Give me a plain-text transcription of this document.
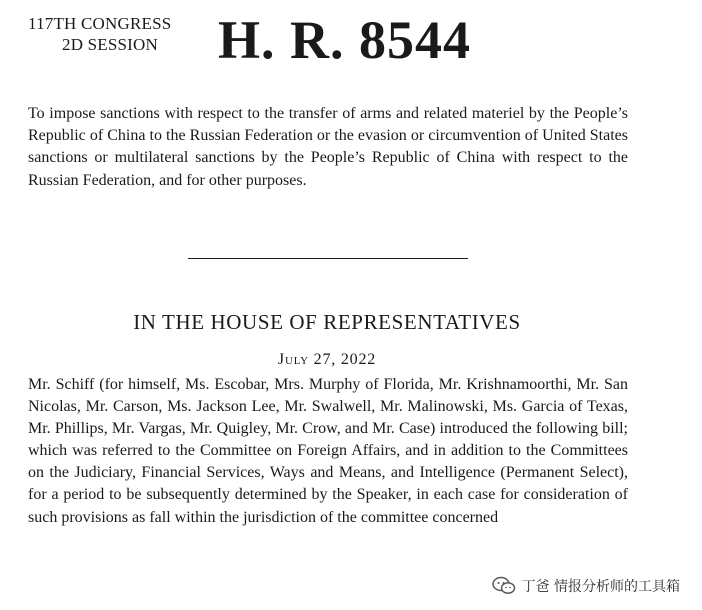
117TH CONGRESS
2D SESSION	H. R. 8544
To impose sanctions with respect to the transfer of arms and related materiel by the People’s Republic of China to the Russian Federation or the evasion or circumvention of United States sanctions or multilateral sanctions by the People’s Republic of China with respect to the Russian Federation, and for other purposes.
IN THE HOUSE OF REPRESENTATIVES
July 27, 2022
Mr. Schiff (for himself, Ms. Escobar, Mrs. Murphy of Florida, Mr. Krishnamoorthi, Mr. San Nicolas, Mr. Carson, Ms. Jackson Lee, Mr. Swalwell, Mr. Malinowski, Ms. Garcia of Texas, Mr. Phillips, Mr. Vargas, Mr. Quigley, Mr. Crow, and Mr. Case) introduced the following bill; which was referred to the Committee on Foreign Affairs, and in addition to the Committees on the Judiciary, Financial Services, Ways and Means, and Intelligence (Permanent Select), for a period to be subsequently determined by the Speaker, in each case for consideration of such provisions as fall within the jurisdiction of the committee concerned
丁爸 情报分析师的工具箱
